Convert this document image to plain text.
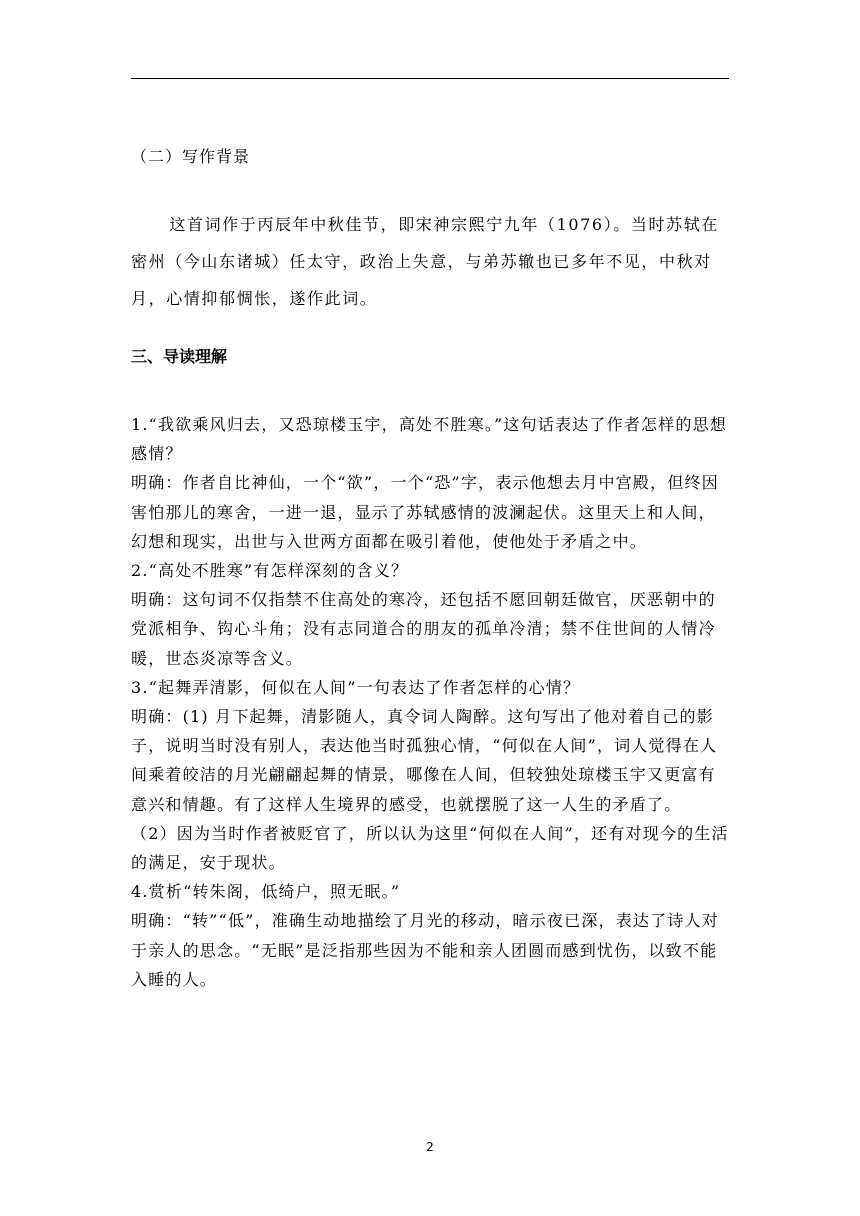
（二）写作背景
这首词作于丙辰年中秋佳节，即宋神宗熙宁九年（1076）。当时苏轼在密州（今山东诸城）任太守，政治上失意，与弟苏辙也已多年不见，中秋对月，心情抑郁惆怅，遂作此词。
三、导读理解

1.“我欲乘风归去，又恐琼楼玉宇，高处不胜寒。”这句话表达了作者怎样的思想感情？

明确：作者自比神仙，一个“欲”，一个“恐”字，表示他想去月中宫殿，但终因害怕那儿的寒舍，一进一退，显示了苏轼感情的波澜起伏。这里天上和人间，幻想和现实，出世与入世两方面都在吸引着他，使他处于矛盾之中。

2.“高处不胜寒”有怎样深刻的含义？

明确：这句词不仅指禁不住高处的寒冷，还包括不愿回朝廷做官，厌恶朝中的党派相争、钩心斗角；没有志同道合的朋友的孤单冷清；禁不住世间的人情冷暖，世态炎凉等含义。

3.“起舞弄清影，何似在人间”一句表达了作者怎样的心情？

明确：(1) 月下起舞，清影随人，真令词人陶醉。这句写出了他对着自己的影子，说明当时没有别人，表达他当时孤独心情，“何似在人间”，词人觉得在人间乘着皎洁的月光翩翩起舞的情景，哪像在人间，但较独处琼楼玉宇又更富有意兴和情趣。有了这样人生境界的感受，也就摆脱了这一人生的矛盾了。

（2）因为当时作者被贬官了，所以认为这里“何似在人间”，还有对现今的生活的满足，安于现状。

4.赏析“转朱阁，低绮户，照无眠。”

明确：“转”“低”，准确生动地描绘了月光的移动，暗示夜已深，表达了诗人对于亲人的思念。“无眠”是泛指那些因为不能和亲人团圆而感到忧伤，以致不能入睡的人。

2
